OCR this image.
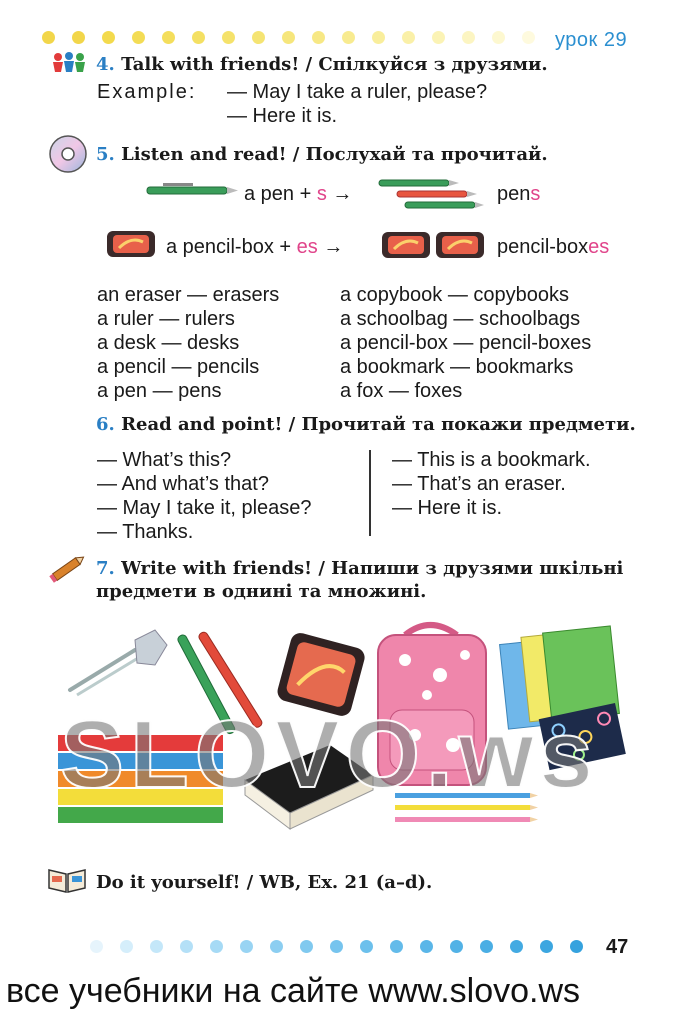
урок 29
4. Talk with friends! / Спілкуйся з друзями.
Example: — May I take a ruler, please?
— Here it is.
5. Listen and read! / Послухай та прочитай.
a pen + s →	pens
a pencil-box + es →	pencil-boxes
an eraser — erasers
a ruler — rulers
a desk — desks
a pencil — pencils
a pen — pens
a copybook — copybooks
a schoolbag — schoolbags
a pencil-box — pencil-boxes
a bookmark — bookmarks
a fox — foxes
6. Read and point! / Прочитай та покажи предмети.
— What’s this?
— And what’s that?
— May I take it, please?
— Thanks.
— This is a bookmark.
— That’s an eraser.
— Here it is.
7. Write with friends! / Напиши з друзями шкільні
предмети в однині та множині.
SLOVO.ws
Do it yourself! / WB, Ex. 21 (a–d).
47
все учебники на сайте www.slovo.ws
